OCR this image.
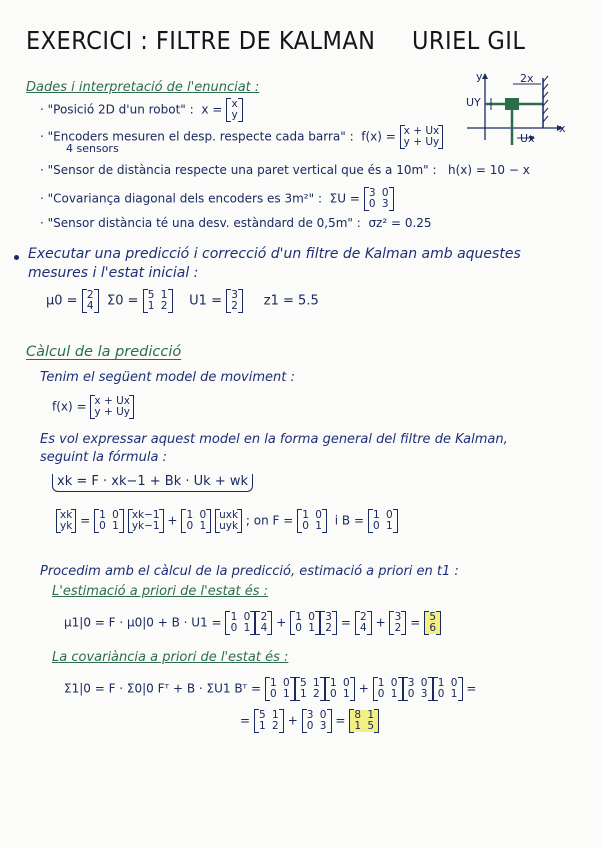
EXERCICI : FILTRE DE KALMAN URIEL GIL
Dades i interpretació de l'enunciat :
· "Posició 2D d'un robot" : x = x
y
· "Encoders mesuren el desp. respecte cada barra" : f(x) = x + Ux
y + Uy
4 sensors
· "Sensor de distància respecte una paret vertical que és a 10m" : h(x) = 10 − x
· "Covariança diagonal dels encoders es 3m²" : ΣU = 3 0
0 3
· "Sensor distància té una desv. estàndard de 0,5m" : σz² = 0.25
y
x
UY
Ux
2x
Executar una predicció i correcció d'un filtre de Kalman amb aquestes
mesures i l'estat inicial :
μ0 = 2
4 Σ0 = 5 1
1 2 U1 = 3
2 z1 = 5.5
Càlcul de la predicció
Tenim el següent model de moviment :
f(x) = x + Ux
y + Uy
Es vol expressar aquest model en la forma general del filtre de Kalman,
seguint la fórmula :
xk = F · xk−1 + Bk · Uk + wk
xk
yk = 1 0
0 1

xk−1
yk−1 + 1 0
0 1

uxk
uyk ; on F = 1 0
0 1 i B = 1 0
0 1
Procedim amb el càlcul de la predicció, estimació a priori en t1 :
L'estimació a priori de l'estat és :
μ1|0 = F · μ0|0 + B · U1 = 1 0
0 1
2
4 + 1 0
0 1
3
2 = 2
4 + 3
2 = 5
6
La covariància a priori de l'estat és :
Σ1|0 = F · Σ0|0 Fᵀ + B · ΣU1 Bᵀ = 1 0
0 1
5 1
1 2
1 0
0 1 + 1 0
0 1
3 0
0 3
1 0
0 1 =
= 5 1
1 2 + 3 0
0 3 = 8 1
1 5
